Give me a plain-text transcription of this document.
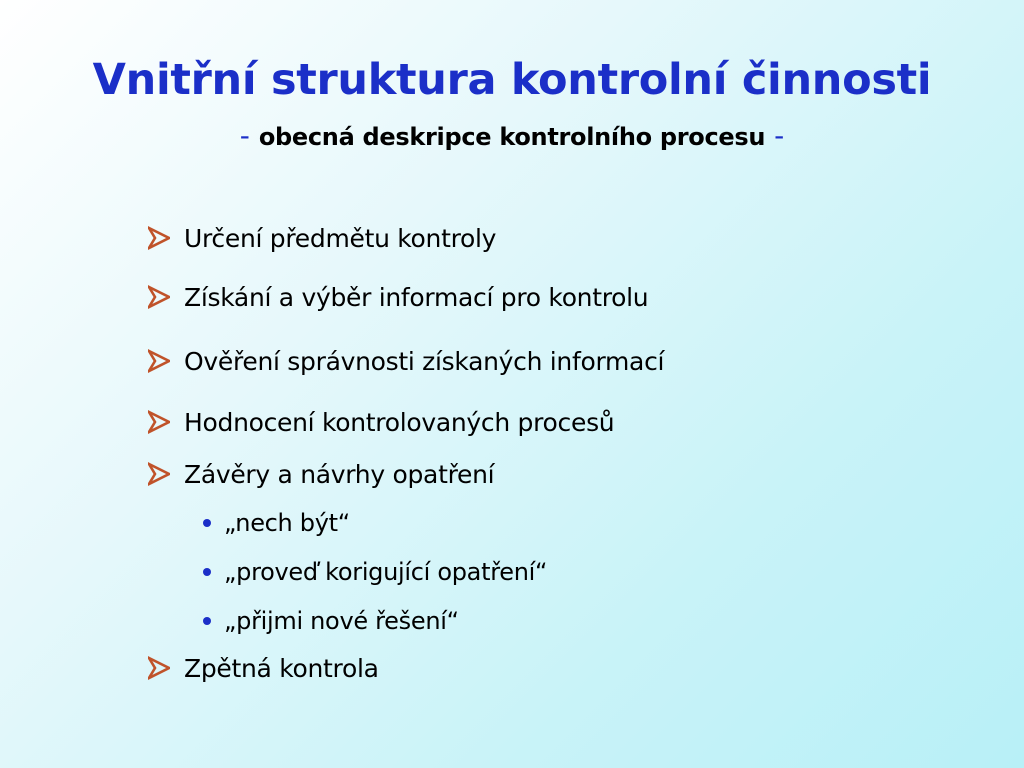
Vnitřní struktura kontrolní činnosti

- obecná deskripce kontrolního procesu -

Určení předmětu kontroly
Získání a výběr informací pro kontrolu
Ověření správnosti získaných informací
Hodnocení kontrolovaných procesů
Závěry a návrhy opatření
„nech být“
„proveď korigující opatření“
„přijmi nové řešení“
Zpětná kontrola
